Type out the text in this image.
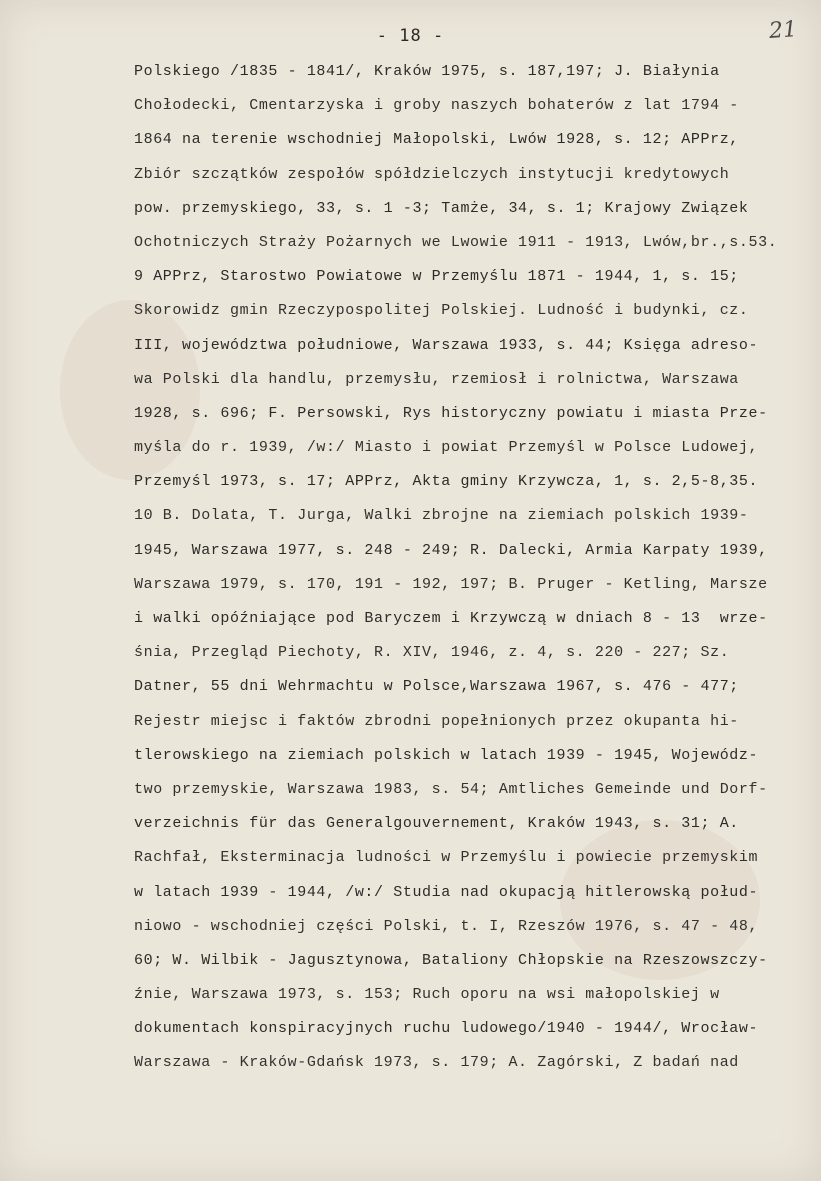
- 18 -	21
Polskiego /1835 - 1841/, Kraków 1975, s. 187,197; J. Białynia
Chołodecki, Cmentarzyska i groby naszych bohaterów z lat 1794 -
1864 na terenie wschodniej Małopolski, Lwów 1928, s. 12; APPrz,
Zbiór szczątków zespołów spółdzielczych instytucji kredytowych
pow. przemyskiego, 33, s. 1 -3; Tamże, 34, s. 1; Krajowy Związek
Ochotniczych Straży Pożarnych we Lwowie 1911 - 1913, Lwów,br.,s.53.
9 APPrz, Starostwo Powiatowe w Przemyślu 1871 - 1944, 1, s. 15;
Skorowidz gmin Rzeczypospolitej Polskiej. Ludność i budynki, cz.
III, województwa południowe, Warszawa 1933, s. 44; Księga adreso-
wa Polski dla handlu, przemysłu, rzemiosł i rolnictwa, Warszawa
1928, s. 696; F. Persowski, Rys historyczny powiatu i miasta Prze-
myśla do r. 1939, /w:/ Miasto i powiat Przemyśl w Polsce Ludowej,
Przemyśl 1973, s. 17; APPrz, Akta gminy Krzywcza, 1, s. 2,5-8,35.
10 B. Dolata, T. Jurga, Walki zbrojne na ziemiach polskich 1939-
1945, Warszawa 1977, s. 248 - 249; R. Dalecki, Armia Karpaty 1939,
Warszawa 1979, s. 170, 191 - 192, 197; B. Pruger - Ketling, Marsze
i walki opóźniające pod Baryczem i Krzywczą w dniach 8 - 13  wrze-
śnia, Przegląd Piechoty, R. XIV, 1946, z. 4, s. 220 - 227; Sz.
Datner, 55 dni Wehrmachtu w Polsce,Warszawa 1967, s. 476 - 477;
Rejestr miejsc i faktów zbrodni popełnionych przez okupanta hi-
tlerowskiego na ziemiach polskich w latach 1939 - 1945, Wojewódz-
two przemyskie, Warszawa 1983, s. 54; Amtliches Gemeinde und Dorf-
verzeichnis für das Generalgouvernement, Kraków 1943, s. 31; A.
Rachfał, Eksterminacja ludności w Przemyślu i powiecie przemyskim
w latach 1939 - 1944, /w:/ Studia nad okupacją hitlerowską połud-
niowo - wschodniej części Polski, t. I, Rzeszów 1976, s. 47 - 48,
60; W. Wilbik - Jagusztynowa, Bataliony Chłopskie na Rzeszowszczy-
źnie, Warszawa 1973, s. 153; Ruch oporu na wsi małopolskiej w
dokumentach konspiracyjnych ruchu ludowego/1940 - 1944/, Wrocław-
Warszawa - Kraków-Gdańsk 1973, s. 179; A. Zagórski, Z badań nad
